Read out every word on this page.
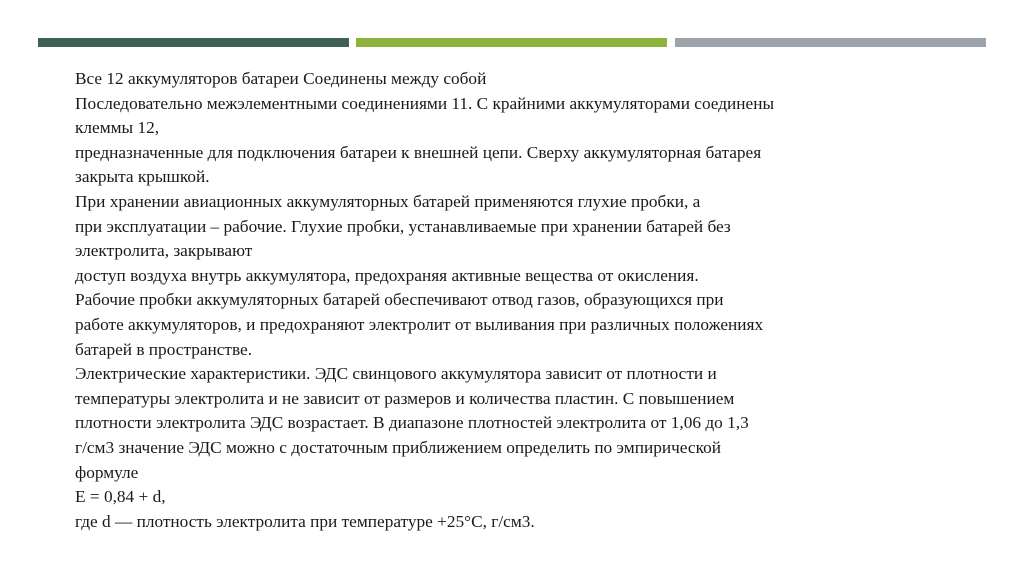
Все 12 аккумуляторов батареи Соединены между собой
Последовательно межэлементными соединениями 11. С крайними аккумуляторами соединены
клеммы 12,
предназначенные для подключения батареи к внешней цепи. Сверху аккумуляторная батарея
закрыта крышкой.
При хранении авиационных аккумуляторных батарей применяются глухие пробки, а
при эксплуатации – рабочие. Глухие пробки, устанавливаемые при хранении батарей без
электролита, закрывают
доступ воздуха внутрь аккумулятора, предохраняя активные вещества от окисления.
Рабочие пробки аккумуляторных батарей обеспечивают отвод газов, образующихся при
работе аккумуляторов, и предохраняют электролит от выливания при различных положениях
батарей в пространстве.
Электрические характеристики. ЭДС свинцового аккумулятора зависит от плотности и
температуры электролита и не зависит от размеров и количества пластин. С повышением
плотности электролита ЭДС возрастает. В диапазоне плотностей электролита от 1,06 до 1,3
г/см3 значение ЭДС можно с достаточным приближением определить по эмпирической
формуле
E = 0,84 + d,
где d — плотность электролита при температуре +25°C, г/см3.
